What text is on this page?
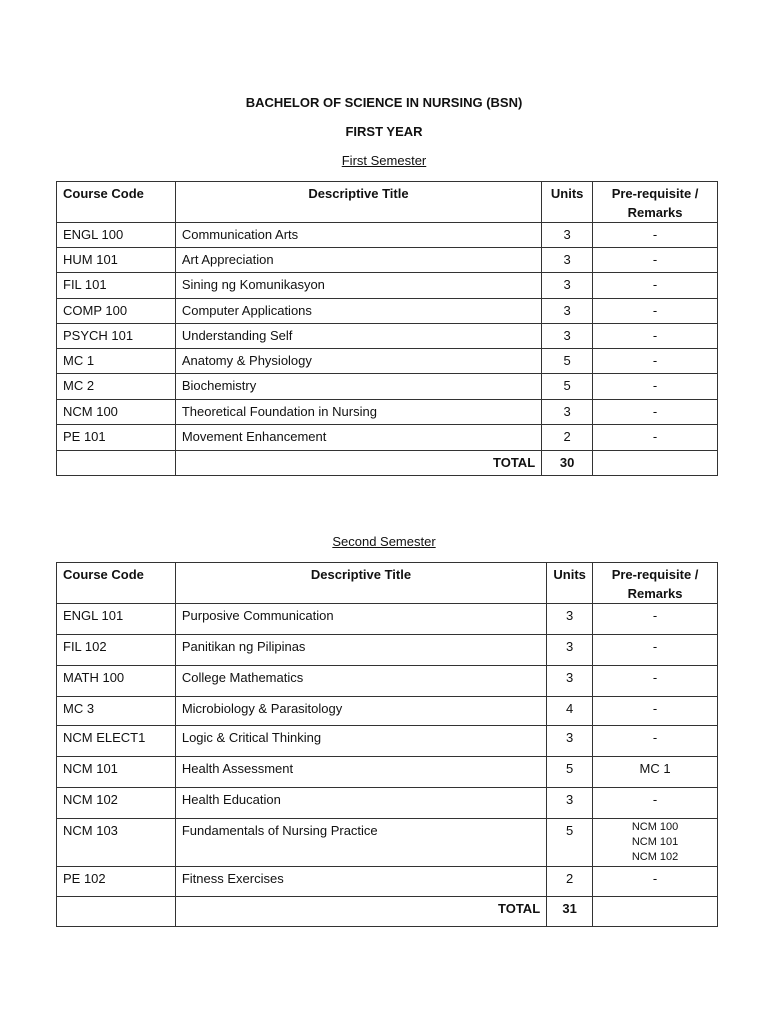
BACHELOR OF SCIENCE IN NURSING (BSN)
FIRST YEAR
First Semester
Course Code	Descriptive Title	Units	Pre-requisite / Remarks
ENGL 100	Communication Arts	3	-
HUM 101	Art Appreciation	3	-
FIL 101	Sining ng Komunikasyon	3	-
COMP 100	Computer Applications	3	-
PSYCH 101	Understanding Self	3	-
MC 1	Anatomy & Physiology	5	-
MC 2	Biochemistry	5	-
NCM 100	Theoretical Foundation in Nursing	3	-
PE 101	Movement Enhancement	2	-
	TOTAL	30	
Second Semester
Course Code	Descriptive Title	Units	Pre-requisite / Remarks
ENGL 101	Purposive Communication	3	-
FIL 102	Panitikan ng Pilipinas	3	-
MATH 100	College Mathematics	3	-
MC 3	Microbiology & Parasitology	4	-
NCM ELECT1	Logic & Critical Thinking	3	-
NCM 101	Health Assessment	5	MC 1
NCM 102	Health Education	3	-
NCM 103	Fundamentals of Nursing Practice	5	NCM 100
NCM 101
NCM 102

PE 102	Fitness Exercises	2	-
	TOTAL	31	
